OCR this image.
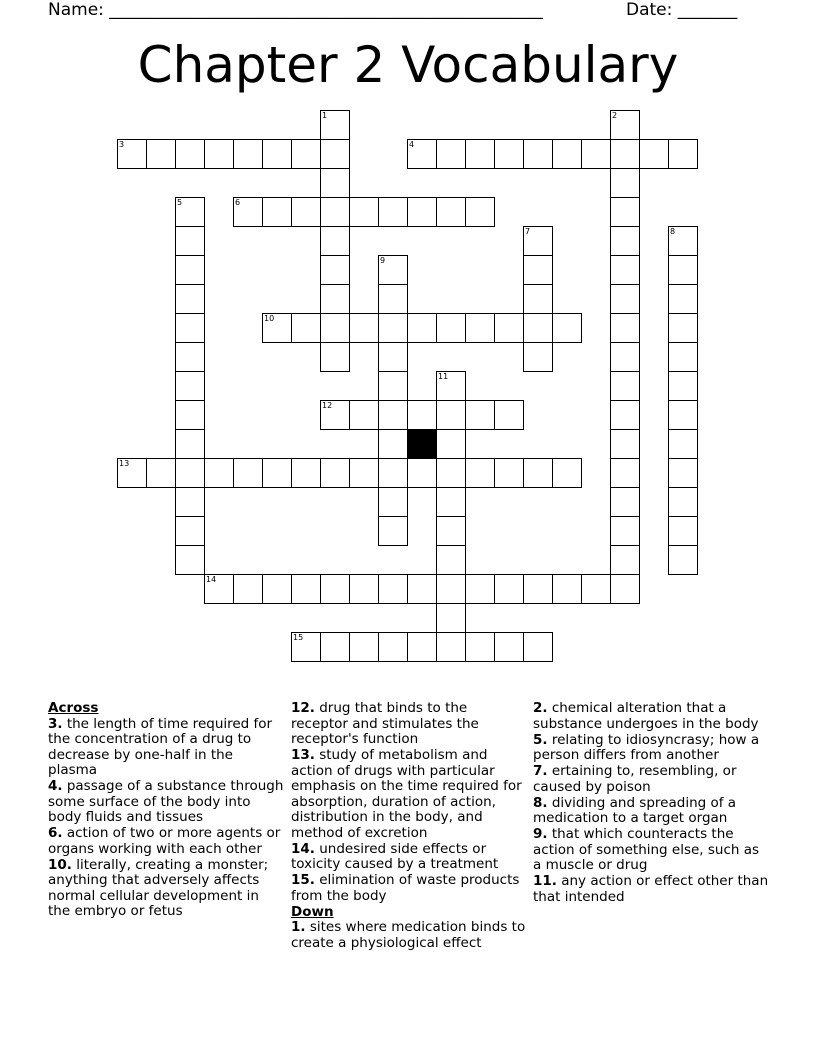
Name: ___________________________________________________	Date: _______
Chapter 2 Vocabulary
1	2
3	4
5	6
7	8
9
10
11
12
13
14
15
Across
3. the length of time required for the concentration of a drug to decrease by one-half in the plasma
4. passage of a substance through some surface of the body into body fluids and tissues
6. action of two or more agents or organs working with each other
10. literally, creating a monster; anything that adversely affects normal cellular development in the embryo or fetus
12. drug that binds to the receptor and stimulates the receptor's function
13. study of metabolism and action of drugs with particular emphasis on the time required for absorption, duration of action, distribution in the body, and method of excretion
14. undesired side effects or toxicity caused by a treatment
15. elimination of waste products from the body
Down
1. sites where medication binds to create a physiological effect
2. chemical alteration that a substance undergoes in the body
5. relating to idiosyncrasy; how a person differs from another
7. ertaining to, resembling, or caused by poison
8. dividing and spreading of a medication to a target organ
9. that which counteracts the action of something else, such as a muscle or drug
11. any action or effect other than that intended
